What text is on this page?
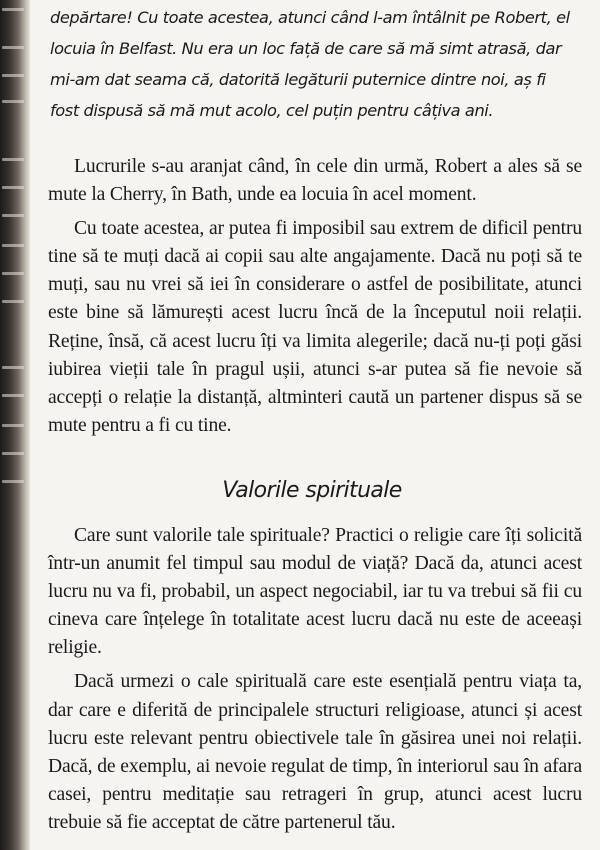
depărtare! Cu toate acestea, atunci când l-am întâlnit pe Robert, el
locuia în Belfast. Nu era un loc față de care să mă simt atrasă, dar
mi-am dat seama că, datorită legăturii puternice dintre noi, aș fi
fost dispusă să mă mut acolo, cel puțin pentru câțiva ani.

Lucrurile s-au aranjat când, în cele din urmă, Robert a ales să se mute la Cherry, în Bath, unde ea locuia în acel moment.

Cu toate acestea, ar putea fi imposibil sau extrem de dificil pentru tine să te muți dacă ai copii sau alte angajamente. Dacă nu poți să te muți, sau nu vrei să iei în considerare o astfel de posibilitate, atunci este bine să lămurești acest lucru încă de la începutul noii relații. Reține, însă, că acest lucru îți va limita alegerile; dacă nu-ți poți găsi iubirea vieții tale în pragul ușii, atunci s-ar putea să fie nevoie să accepți o relație la distanță, altminteri caută un partener dispus să se mute pentru a fi cu tine.

Valorile spirituale

Care sunt valorile tale spirituale? Practici o religie care îți solicită într-un anumit fel timpul sau modul de viață? Dacă da, atunci acest lucru nu va fi, probabil, un aspect negociabil, iar tu va trebui să fii cu cineva care înțelege în totalitate acest lucru dacă nu este de aceeași religie.

Dacă urmezi o cale spirituală care este esențială pentru viața ta, dar care e diferită de principalele structuri religioase, atunci și acest lucru este relevant pentru obiectivele tale în găsirea unei noi relații. Dacă, de exemplu, ai nevoie regulat de timp, în interiorul sau în afara casei, pentru meditație sau retrageri în grup, atunci acest lucru trebuie să fie acceptat de către partenerul tău.
